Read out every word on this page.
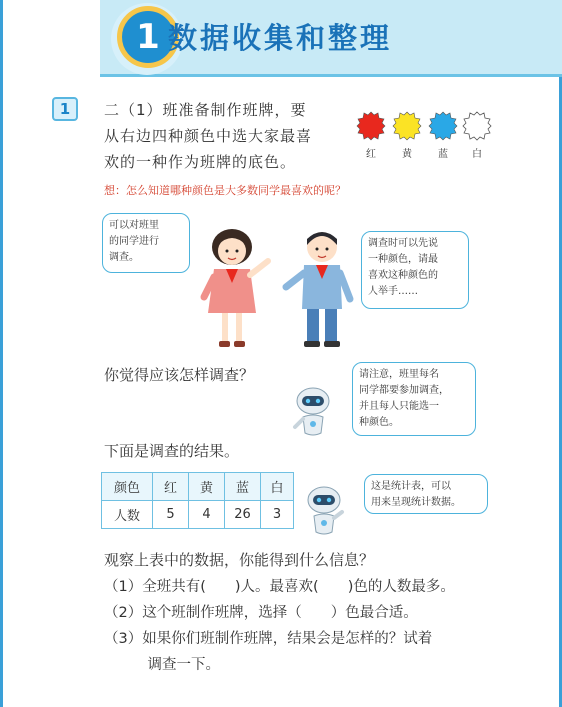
1 数据收集和整理
1	二（1）班准备制作班牌，要
从右边四种颜色中选大家最喜
欢的一种作为班牌的底色。	红	黄	蓝	白
想：怎么知道哪种颜色是大多数同学最喜欢的呢？
可以对班里
的同学进行
调查。
调查时可以先说
一种颜色，请最
喜欢这种颜色的
人举手……
你觉得应该怎样调查？	请注意，班里每名
同学都要参加调查，
并且每人只能选一
种颜色。
下面是调查的结果。
颜色	红	黄	蓝	白
人数	5	4	26	3
这是统计表，可以
用来呈现统计数据。
观察上表中的数据，你能得到什么信息？
（1）全班共有(　　)人。最喜欢(　　)色的人数最多。
（2）这个班制作班牌，选择（　　）色最合适。
（3）如果你们班制作班牌，结果会是怎样的？试着
　　　调查一下。
